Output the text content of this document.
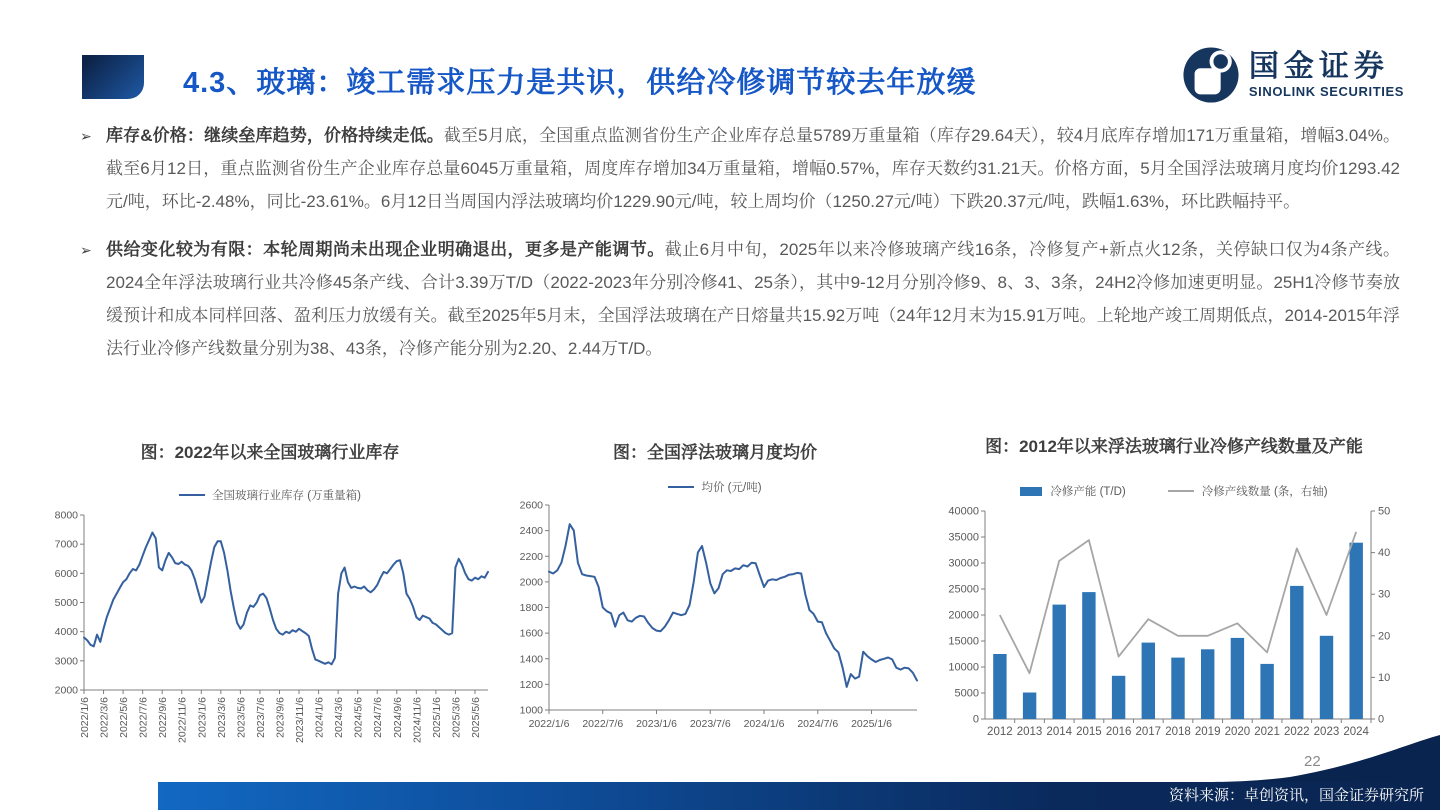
4.3、玻璃：竣工需求压力是共识，供给冷修调节较去年放缓	国金证券
SINOLINK SECURITIES
➢ 库存&价格：继续垒库趋势，价格持续走低。截至5月底，全国重点监测省份生产企业库存总量5789万重量箱（库存29.64天），较4月底库存增加171万重量箱，增幅3.04%。截至6月12日，重点监测省份生产企业库存总量6045万重量箱，周度库存增加34万重量箱，增幅0.57%，库存天数约31.21天。价格方面，5月全国浮法玻璃月度均价1293.42元/吨，环比-2.48%，同比-23.61%。6月12日当周国内浮法玻璃均价1229.90元/吨，较上周均价（1250.27元/吨）下跌20.37元/吨，跌幅1.63%，环比跌幅持平。
➢ 供给变化较为有限：本轮周期尚未出现企业明确退出，更多是产能调节。截止6月中旬，2025年以来冷修玻璃产线16条，冷修复产+新点火12条，关停缺口仅为4条产线。2024全年浮法玻璃行业共冷修45条产线、合计3.39万T/D（2022-2023年分别冷修41、25条），其中9-12月分别冷修9、8、3、3条，24H2冷修加速更明显。25H1冷修节奏放缓预计和成本同样回落、盈利压力放缓有关。截至2025年5月末，全国浮法玻璃在产日熔量共15.92万吨（24年12月末为15.91万吨。上轮地产竣工周期低点，2014-2015年浮法行业冷修产线数量分别为38、43条，冷修产能分别为2.20、2.44万T/D。
图：2022年以来全国玻璃行业库存
全国玻璃行业库存 (万重量箱)
2000
3000
4000
5000
6000
7000
8000
2022/1/6 2022/3/6 2022/5/6 2022/7/6 2022/9/6 2022/11/6 2023/1/6 2023/3/6 2023/5/6 2023/7/6 2023/9/6 2023/11/6 2024/1/6 2024/3/6 2024/5/6 2024/7/6 2024/9/6 2024/11/6 2025/1/6 2025/3/6 2025/5/6
图：全国浮法玻璃月度均价
均价 (元/吨)
1000
1200
1400
1600
1800
2000
2200
2400
2600
2022/1/6 2022/7/6 2023/1/6 2023/7/6 2024/1/6 2024/7/6 2025/1/6
图：2012年以来浮法玻璃行业冷修产线数量及产能
冷修产能 (T/D)	冷修产线数量 (条，右轴)
0
5000
10000
15000
20000
25000
30000
35000
40000
0
10
20
30
40
50
2012 2013 2014 2015 2016 2017 2018 2019 2020 2021 2022 2023 2024
22
资料来源：卓创资讯，国金证券研究所
